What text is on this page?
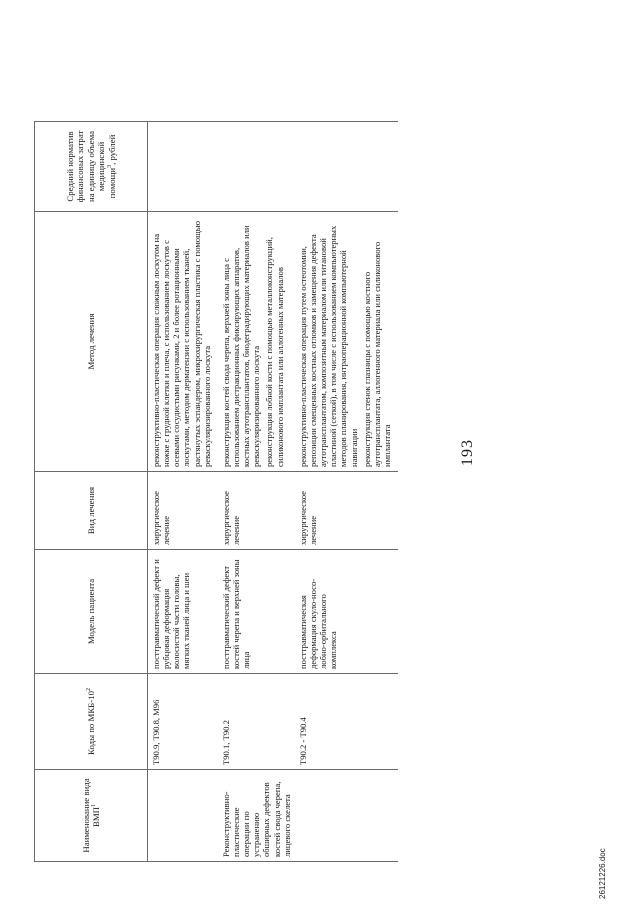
Наименование вида ВМП$^1$	Коды по МКБ-$10^2$	Модель пациента	Вид лечения	Метод лечения	Средний норматив финансовых затрат на единицу объема медицинской помощи$^3$, рублей
	Т90.9, Т90.8, М96	посттравматический дефект и рубцовая деформация волосистой части головы, мягких тканей лица и шеи	хирургическое лечение	реконструктивно-пластическая операция сложным лоскутом на ножке с грудной клетки и плеча, с использованием лоскутов с осевыми сосудистыми рисунками, 2 и более ротационными лоскутами, методом дерматензии с использованием тканей, растянутых эспандером, микрохирургическая пластика с помощью реваскуляризированного лоскута	

Реконструктивно-пластические операции по устранению обширных дефектов костей свода черепа, лицевого скелета	Т90.1, Т90.2	посттравматический дефект костей черепа и верхней зоны лица	хирургическое лечение	реконструкция костей свода черепа, верхней зоны лица с использованием дистракционных фиксирующих аппаратов, костных аутотрансплантатов, биодеградирующих материалов или реваскуляризированного лоскута реконструкция лобной кости с помощью металлоконструкций, силиконового имплантата или аллогенных материалов	

	Т90.2 - Т90.4	посттравматическая деформация скуло-носо-лобно-орбитального комплекса	хирургическое лечение	реконструктивно-пластическая операция путем остеотомии, репозиции смещенных костных отломков и замещения дефекта аутотрансплантатом, композитным материалом или титановой пластиной (сеткой), в том числе с использованием компьютерных методов планирования, интраоперационной компьютерной навигации реконструкция стенок глазницы с помощью костного аутотрансплантата, аллогенного материала или силиконового имплантата	

		193
26121226.doc
